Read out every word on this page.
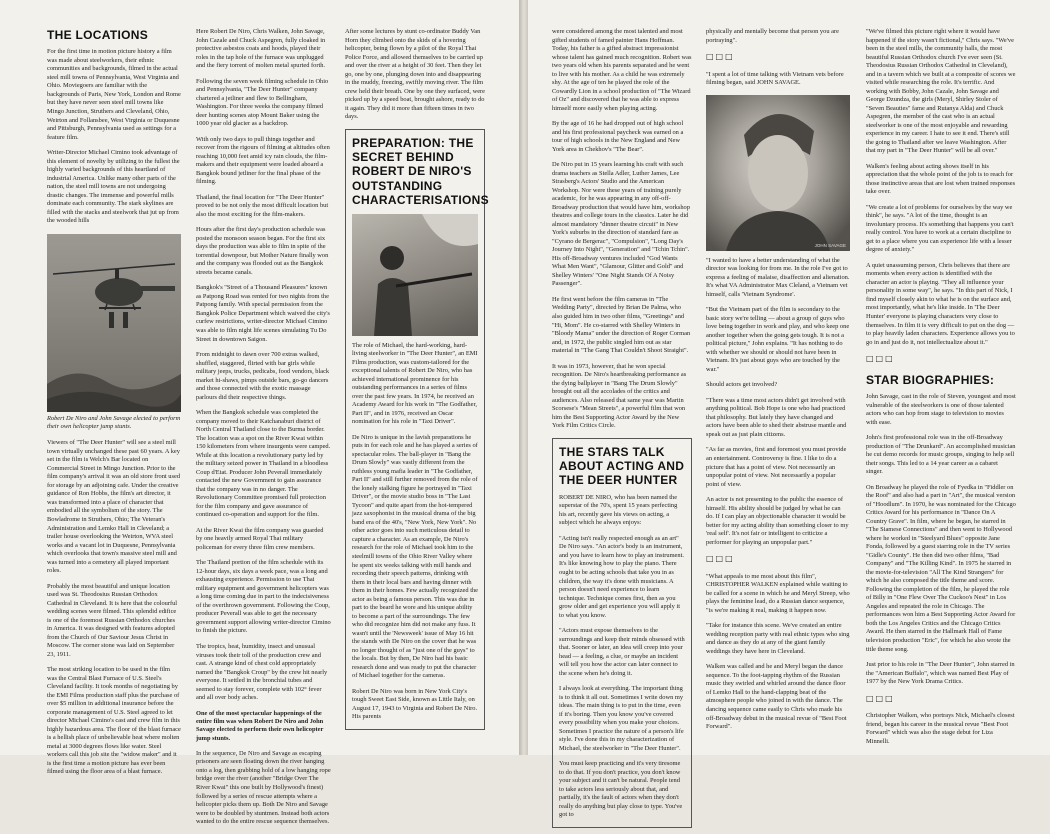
THE LOCATIONS

For the first time in motion picture history a film was made about steelworkers, their ethnic communities and backgrounds, filmed in the actual steel mill towns of Pennsylvania, West Virginia and Ohio. Moviegoers are familiar with the backgrounds of Paris, New York, London and Rome but they have never seen steel mill towns like Mingo Junction, Struthers and Cleveland, Ohio, Weirton and Follansbee, West Virginia or Duquesne and Pittsburgh, Pennsylvania used as settings for a feature film.

Writer-Director Michael Cimino took advantage of this element of novelty by utilizing to the fullest the highly varied backgrounds of this heartland of industrial America. Unlike many other parts of the nation, the steel mill towns are not undergoing drastic changes. The immense and powerful mills dominate each community. The stark skylines are filled with the stacks and steelwork that jut up from the wooded hills

Robert De Niro and John Savage elected to perform their own helicopter jump stunts.

Viewers of "The Deer Hunter" will see a steel mill town virtually unchanged these past 60 years. A key set in the film is Welch's Bar located on Commercial Street in Mingo Junction. Prior to the film company's arrival it was an old store front used for storage by an adjoining cafe. Under the creative guidance of Ron Hobbs, the film's art director, it was transformed into a place of character that embodied all the symbolism of the story. The Bowladrome in Struthers, Ohio; The Veteran's Administration and Lemko Hall in Cleveland; a trailer house overlooking the Weirton, WVA steel works and a vacant lot in Duquesne, Pennsylvania which overlooks that town's massive steel mill and was turned into a cemetery all played important roles.

Probably the most beautiful and unique location used was St. Theodosius Russian Orthodox Cathedral in Cleveland. It is here that the colourful wedding scenes were filmed. This splendid edifice is one of the foremost Russian Orthodox churches in America. It was designed with features adopted from the Church of Our Saviour Jesus Christ in Moscow. The corner stone was laid on September 23, 1911.

The most striking location to be used in the film was the Central Blast Furnace of U.S. Steel's Cleveland facility. It took months of negotiating by the EMI Films production staff plus the purchase of over $5 million in additional insurance before the corporate management of U.S. Steel agreed to let director Michael Cimino's cast and crew film in this highly hazardous area. The floor of the blast furnace is a hellish place of unbelievable heat where molten metal at 3000 degrees flows like water. Steel workers call this job site the "widow maker" and it is the first time a motion picture has ever been filmed using the floor area of a blast furnace.

Here Robert De Niro, Chris Walken, John Savage, John Cazale and Chuck Aspegren, fully cloaked in protective asbestos coats and hoods, played their roles in the tap hole of the furnace was unplugged and the fiery torrent of molten metal spurted forth.

Following the seven week filming schedule in Ohio and Pennsylvania, "The Deer Hunter" company chartered a jetliner and flew to Bellingham, Washington. For three weeks the company filmed deer hunting scenes atop Mount Baker using the 1000 year old glacier as a backdrop.

With only two days to pull things together and recover from the rigours of filming at altitudes often reaching 10,000 feet amid icy rain clouds, the film-makers and their equipment were loaded aboard a Bangkok bound jetliner for the final phase of the filming.

Thailand, the final location for "The Deer Hunter" proved to be not only the most difficult location but also the most exciting for the film-makers.

Hours after the first day's production schedule was posted the monsoon season began. For the first six days the production was able to film in spite of the torrential downpour, but Mother Nature finally won and the company was flooded out as the Bangkok streets became canals.

Bangkok's "Street of a Thousand Pleasures" known as Patpong Road was rented for two nights from the Patpong family. With special permission from the Bangkok Police Department which waived the city's curfew restrictions, writer-director Michael Cimino was able to film night life scenes simulating Tu Do Street in downtown Saigon.

From midnight to dawn over 700 extras walked, shuffled, staggered, flirted with bar girls while military jeeps, trucks, pedicabs, food vendors, black market hi-shaws, pimps outside bars, go-go dancers and those connected with the exotic massage parlours did their respective things.

When the Bangkok schedule was completed the company moved to their Katchanaburi district of North Central Thailand close to the Burma border. The location was a spot on the River Kwai within 150 kilometers from where insurgents were camped. While at this location a revolutionary party led by the military seized power in Thailand in a bloodless Coup d'Etat. Producer John Peverall immediately contacted the new Government to gain assurance that the company was in no danger. The Revolutionary Committee promised full protection for the film company and gave assurance of continued co-operation and support for the film.

At the River Kwai the film company was guarded by one heavily armed Royal Thai military policeman for every three film crew members.

The Thailand portion of the film schedule with its 12-hour days, six days a week pace, was a long and exhausting experience. Permission to use Thai military equipment and government helicopters was a long time coming due in part to the indecisiveness of the overthrown government. Following the Coup, producer Peverall was able to get the necessary government support allowing writer-director Cimino to finish the picture.

The tropics, heat, humidity, insect and unusual viruses took their toll of the production crew and cast. A strange kind of chest cold appropriately named the "Bangkok Croup" by the crew hit nearly everyone. It settled in the bronchial tubes and seemed to stay forever, complete with 102° fever and all over body aches.

One of the most spectacular happenings of the entire film was when Robert De Niro and John Savage elected to perform their own helicopter jump stunts.

In the sequence, De Niro and Savage as escaping prisoners are seen floating down the river hanging onto a log, then grabbing hold of a low hanging rope bridge over the river (another "Bridge Over The River Kwai" this one built by Hollywood's finest) followed by a series of rescue attempts where a helicopter picks them up. Both De Niro and Savage were to be doubled by stuntmen. Instead both actors wanted to do the entire rescue sequence themselves.

After some lectures by stunt co-ordinator Buddy Van Horn they climbed onto the skids of a hovering helicopter, being flown by a pilot of the Royal Thai Police Force, and allowed themselves to be carried up and over the river at a height of 30 feet. Then they let go, one by one, plunging down into and disappearing in the muddy, freezing, swiftly moving river. The film crew held their breath. One by one they surfaced, were picked up by a speed boat, brought ashore, ready to do it again. They did it more than fifteen times in two days.

PREPARATION: THE SECRET BEHIND ROBERT DE NIRO'S OUTSTANDING CHARACTERISATIONS

The role of Michael, the hard-working, hard-living steelworker in "The Deer Hunter", an EMI Films production, was custom-tailored for the exceptional talents of Robert De Niro, who has achieved international prominence for his outstanding performances in a series of films over the past few years. In 1974, he received an Academy Award for his work in "The Godfather, Part II", and in 1976, received an Oscar nomination for his role in "Taxi Driver".

De Niro is unique in the lavish preparations he puts in for each role and he has played a series of spectacular roles. The ball-player in "Bang the Drum Slowly" was vastly different from the ruthless young mafia leader in "The Godfather, Part II" and still further removed from the role of the lonely stalking figure he portrayed in "Taxi Driver", or the movie studio boss in "The Last Tycoon" and quite apart from the hot-tempered jazz saxophonist in the musical drama of the big band era of the 40's, "New York, New York". No other actor goes into such meticulous detail to capture a character. As an example, De Niro's research for the role of Michael took him to the steelmill towns of the Ohio River Valley where he spent six weeks talking with mill hands and recording their speech patterns, drinking with them in their local bars and having dinner with them in their homes. Few actually recognized the actor as being a famous person. This was due in part to the beard he wore and his unique ability to become a part of the surroundings. The few who did recognize him did not make any fuss. It wasn't until the 'Newsweek' issue of May 16 hit the stands with De Niro on the cover that he was no longer thought of as "just one of the guys" to the locals. But by then, De Niro had his basic research done and was ready to put the character of Michael together for the cameras.

Robert De Niro was born in New York City's tough Sweet East Side, known as Little Italy, on August 17, 1943 to Virginia and Robert De Niro. His parents

were considered among the most talented and most gifted students of famed painter Hans Hoffman. Today, his father is a gifted abstract impressionist whose talent has gained much recognition. Robert was two years old when his parents separated and he went to live with his mother. As a child he was extremely shy. At the age of ten he played the role of the Cowardly Lion in a school production of "The Wizard of Oz" and discovered that he was able to express himself more easily when playing acting.

By the age of 16 he had dropped out of high school and his first professional paycheck was earned on a tour of high schools in the New England and New York area in Chekhov's "The Bear".

De Niro put in 15 years learning his craft with such drama teachers as Stella Adler, Luther James, Lee Strasberg's Actors' Studio and the American Workshop. Nor were these years of training purely academic, for he was appearing in any off-off-Broadway production that would have him, workshop theatres and college tours in the classics. Later he did almost mandatory "dinner theatre circuit" in New York's suburbs in the direction of standard fare as "Cyrano de Bergerac", "Compulsion", "Long Day's Journey Into Night", "Generation" and "Tchin Tchin". His off-Broadway ventures included "God Wants What Men Want", "Glamour, Glitter and Gold" and Shelley Winters' "One Night Stands Of A Noisy Passenger".

He first went before the film cameras in "The Wedding Party", directed by Brian De Palma, who also guided him in two other films, "Greetings" and "Hi, Mom". He co-starred with Shelley Winters in "Bloody Mama" under the direction of Roger Corman and, in 1972, the public singled him out as star material in "The Gang That Couldn't Shoot Straight".

It was in 1973, however, that he won special recognition. De Niro's heartbreaking performance as the dying ballplayer in "Bang The Drum Slowly" brought out all the accolades of the critics and audiences. Also released that same year was Martin Scorsese's "Mean Streets", a powerful film that won him the Best Supporting Actor Award by the New York Film Critics Circle.

THE STARS TALK ABOUT ACTING AND THE DEER HUNTER

ROBERT DE NIRO, who has been named the superstar of the 70's, spent 15 years perfecting his art, recently gave his views on acting, a subject which he always enjoys:

"Acting isn't really respected enough as an art" De Niro says. "An actor's body is an instrument, and you have to learn how to play an instrument. It's like knowing how to play the piano. There ought to be acting schools that take you in as children, the way it's done with musicians. A person doesn't need experience to learn technique. Technique comes first, then as you grow older and get experience you will apply it to what you know.

"Actors must expose themselves to the surroundings and keep their minds obsessed with that. Sooner or later, an idea will creep into your head — a feeling, a clue, or maybe an incident will tell you how the actor can later connect to the scene when he's doing it.

I always look at everything. The important thing is to think it all out. Sometimes I write down my ideas. The main thing is to put in the time, even if it's boring. Then you know you've covered every possibility when you make your choices. Sometimes I practice the nature of a person's life style. I've done this in my characterization of Michael, the steelworker in "The Deer Hunter".

You must keep practicing and it's very tiresome to do that. If you don't practice, you don't know your subject and it can't be natural. People tend to take actors less seriously about that, and partially, it's the fault of actors when they don't really do anything but play close to type. You've got to

physically and mentally become that person you are portraying".

□□□

"I spent a lot of time talking with Vietnam vets before filming began, said JOHN SAVAGE.

JOHN SAVAGE

"I wanted to have a better understanding of what the director was looking for from me. In the role I've got to express a feeling of malaise, disaffection and alienation. It's what VA Administrator Max Cleland, a Vietnam vet himself, calls 'Vietnam Syndrome'.

"But the Vietnam part of the film is secondary to the basic story we're telling — about a group of guys who love being together in work and play, and who keep one another together when the going gets tough. It is not a political picture," John explains. "It has nothing to do with whether we should or should not have been in Vietnam. It's just about guys who are touched by the war."

Should actors get involved?

"There was a time most actors didn't get involved with anything political. Bob Hope is one who had practiced that philosophy. But lately they have changed and actors have been able to shed their abstruse mantle and speak out as just plain citizens.

"As far as movies, first and foremost you must provide an entertainment. Controversy is fine. I like to do a picture that has a point of view. Not necessarily an unpopular point of view. Not necessarily a popular point of view.

An actor is not presenting to the public the essence of himself. His ability should be judged by what he can do. If I can play an objectionable character it would be better for my acting ability than something closer to my 'real self'. It's not fair or intelligent to criticize a performer for playing an unpopular part."

□□□

"What appeals to me most about this film", CHRISTOPHER WALKEN explained while waiting to be called for a scene in which he and Meryl Streep, who plays the feminine lead, do a Russian dance sequence, "is we're making it real, making it happen now.

"Take for instance this scene. We've created an entire wedding reception party with real ethnic types who sing and dance as they do at any of the giant family weddings they have here in Cleveland.

Walken was called and he and Meryl began the dance sequence. To the foot-tapping rhythm of the Russian music they swirled and whirled around the dance floor of Lemko Hall to the hand-clapping beat of the atmosphere people who joined in with the dance. The dancing sequence came easily to Chris who made his off-Broadway debut in the musical revue of "Best Foot Forward".

"We've filmed this picture right where it would have happened if the story wasn't fictional," Chris says. "We've been in the steel mills, the community halls, the most beautiful Russian Orthodox church I've ever seen (St. Theodosius Russian Orthodox Cathedral in Cleveland), and in a tavern which we built at a composite of scores we visited while researching the role. It's terrific. And working with Bobby, John Cazale, John Savage and George Dzundza, the girls (Meryl, Shirley Stoler of "Seven Beauties" fame and Rutanya Alda) and Chuck Aspegren, the member of the cast who is an actual steelworker is one of the most enjoyable and rewarding experience in my career. I hate to see it end. There's still the going to Thailand after we leave Washington. After that my part in "The Deer Hunter" will be all over."

Walken's feeling about acting shows itself in his appreciation that the whole point of the job is to reach for those instinctive areas that are lost when trained responses take over.

"We create a lot of problems for ourselves by the way we think", he says. "A lot of the time, thought is an involuntary process. It's something that happens you can't really control. You have to work at a certain discipline to get to a place where you can experience life with a lesser degree of anxiety."

A quiet unassuming person, Chris believes that there are moments when every action is identified with the character an actor is playing. "They all influence your personality in some way", he says. "In this part of Nick, I find myself closely akin to what he is on the surface and, most importantly, what he's like inside. In 'The Deer Hunter' everyone is playing characters very close to themselves. In film it is very difficult to put on the dog — to play heavily laden characters. Experience allows you to go in and just do it, not intellectualize about it."

□□□
STAR BIOGRAPHIES:

John Savage, cast in the role of Steven, youngest and most vulnerable of the steelworkers is one of those talented actors who can hop from stage to television to movies with ease.

John's first professional role was in the off-Broadway production of "The Drunkard". An accomplished musician he cut demo records for music groups, singing to help sell their songs. This led to a 14 year career as a cabaret singer.

On Broadway he played the role of Fyedka in "Fiddler on the Roof" and also had a part in "Art", the musical version of "Hoodlum". In 1970, he was nominated for the Chicago Critics Award for his performance in "Dance On A Country Grave". In film, where he began, he starred in "The Siamese Connections" and then went to Hollywood where he worked in "Steelyard Blues" opposite Jane Fonda, followed by a guest starring role in the TV series "Gidle's County". He then did two other films, "Bad Company" and "The Killing Kind". In 1975 he starred in the movie-for-television "All The Kind Strangers" for which he also composed the title theme and score. Following the completion of the film, he played the role of Billy in "One Flew Over The Cuckoo's Nest" in Los Angeles and repeated the role in Chicago. The performances won him a Best Supporting Actor Award for both the Los Angeles Critics and the Chicago Critics Award. He then starred in the Hallmark Hall of Fame television production "Eric", for which he also wrote the title theme song.

Just prior to his role in "The Deer Hunter", John starred in the "American Buffalo", which was named Best Play of 1977 by the New York Drama Critics.

□□□

Christopher Walken, who portrays Nick, Michael's closest friend, began his career in the musical revue "Best Foot Forward" which was also the stage debut for Liza Minnelli.
